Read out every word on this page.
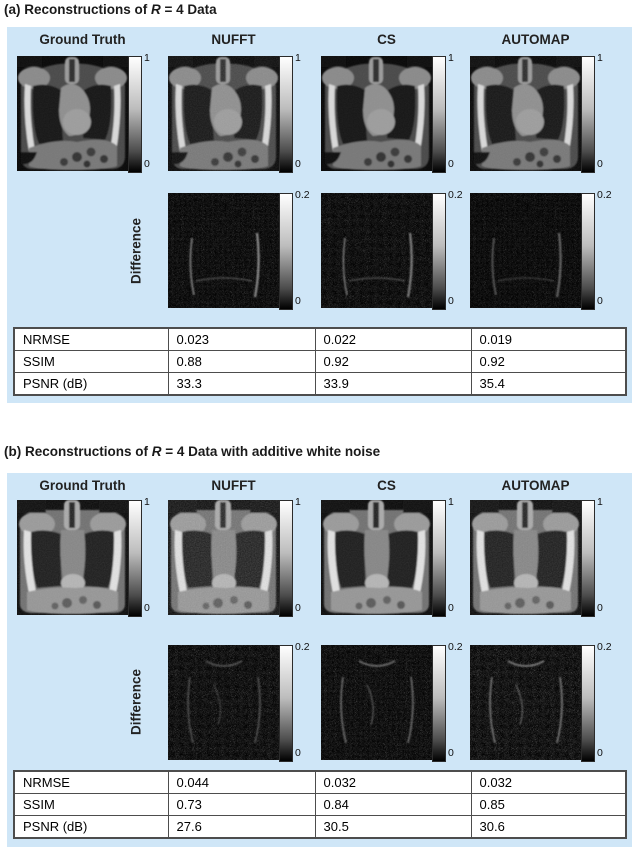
(a) Reconstructions of R = 4 Data
Ground Truth	NUFFT	CS	AUTOMAP
1
0
1
0
1
0
1
0
Difference
0.2
0
0.2
0
0.2
0
NRMSE	0.023	0.022	0.019
SSIM	0.88	0.92	0.92
PSNR (dB)	33.3	33.9	35.4
(b) Reconstructions of R = 4 Data with additive white noise
Ground Truth	NUFFT	CS	AUTOMAP
1
0
1
0
1
0
1
0
Difference
0.2
0
0.2
0
0.2
0
NRMSE	0.044	0.032	0.032
SSIM	0.73	0.84	0.85
PSNR (dB)	27.6	30.5	30.6
